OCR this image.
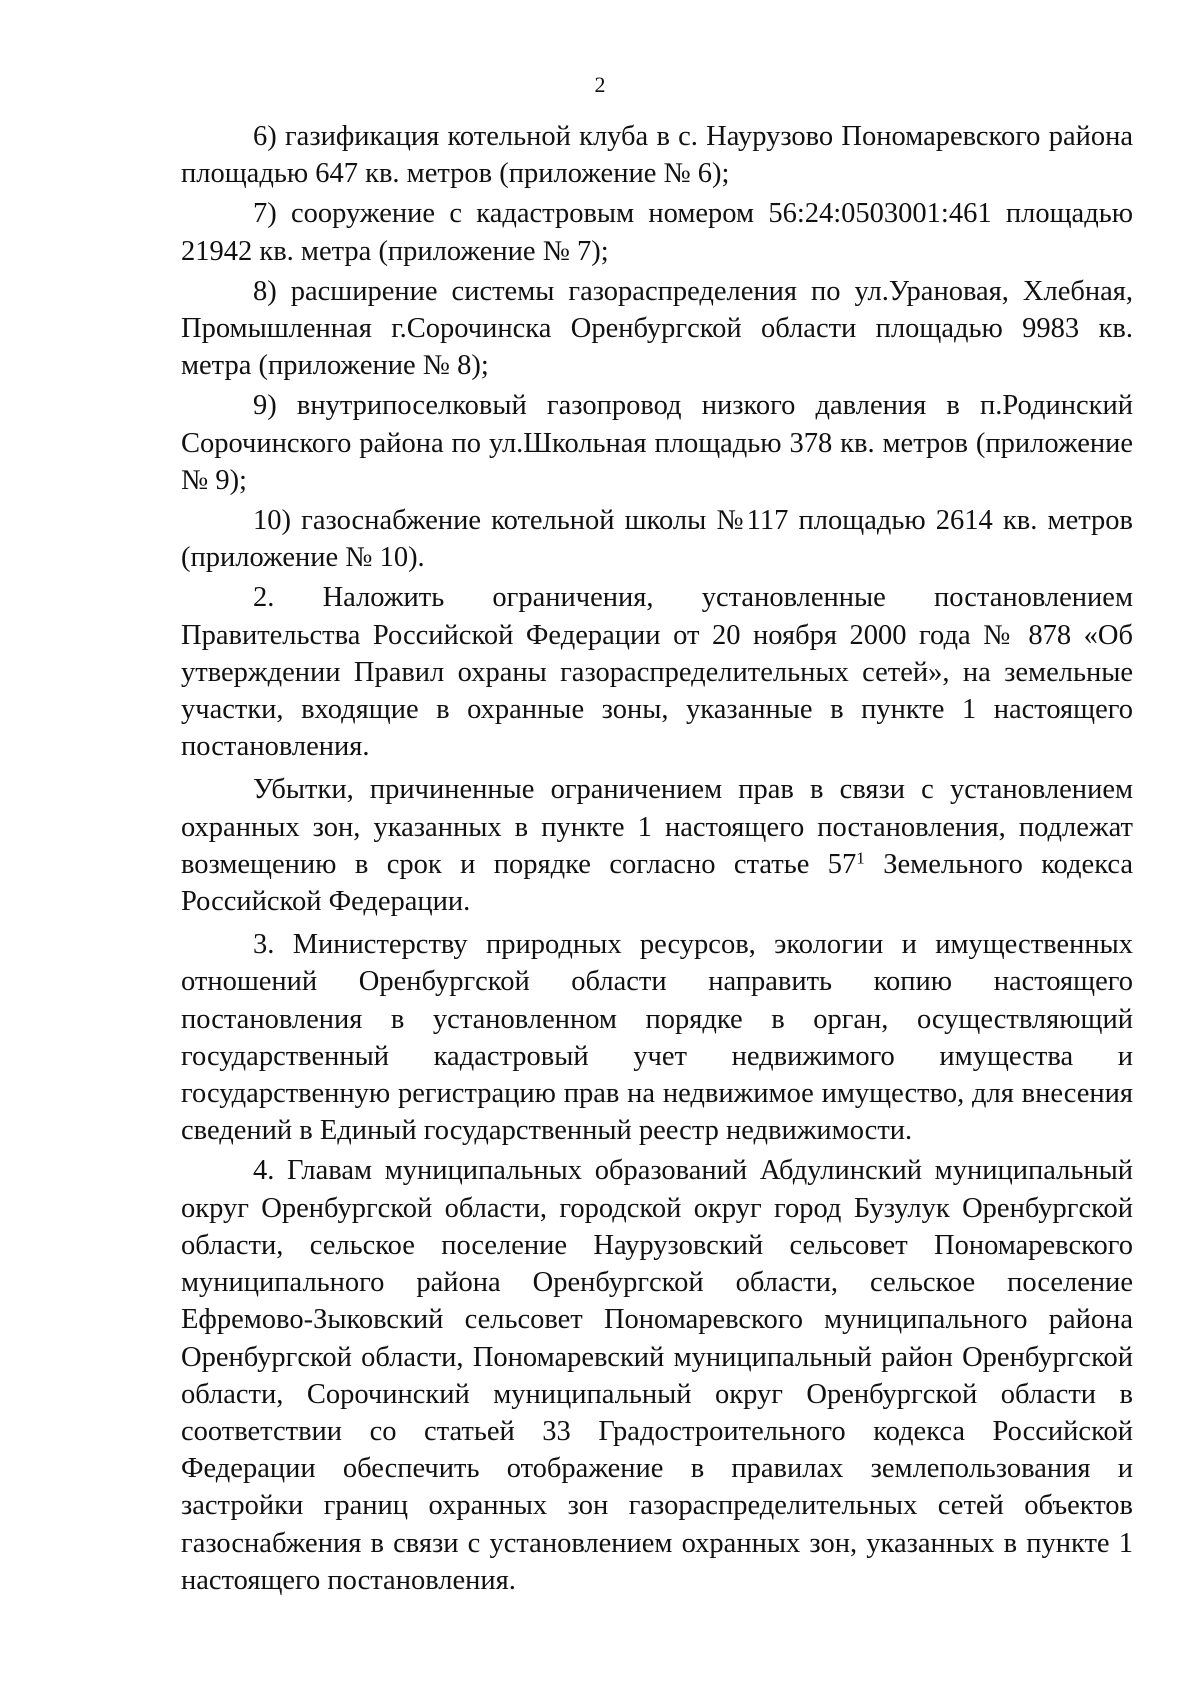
2

6) газификация котельной клуба в с. Наурузово Пономаревского района площадью 647 кв. метров (приложение № 6);

7) сооружение с кадастровым номером 56:24:0503001:461 площадью 21942 кв. метра (приложение № 7);

8) расширение системы газораспределения по ул.Урановая, Хлебная, Промышленная г.Сорочинска Оренбургской области площадью 9983 кв. метра (приложение № 8);

9) внутрипоселковый газопровод низкого давления в п.Родинский Сорочинского района по ул.Школьная площадью 378 кв. метров (приложение № 9);

10) газоснабжение котельной школы №117 площадью 2614 кв. метров (приложение № 10).

2. Наложить ограничения, установленные постановлением Правительства Российской Федерации от 20 ноября 2000 года № 878 «Об утверждении Правил охраны газораспределительных сетей», на земельные участки, входящие в охранные зоны, указанные в пункте 1 настоящего постановления.

Убытки, причиненные ограничением прав в связи с установлением охранных зон, указанных в пункте 1 настоящего постановления, подлежат возмещению в срок и порядке согласно статье $57^1$ Земельного кодекса Российской Федерации.

3. Министерству природных ресурсов, экологии и имущественных отношений Оренбургской области направить копию настоящего постановления в установленном порядке в орган, осуществляющий государственный кадастровый учет недвижимого имущества и государственную регистрацию прав на недвижимое имущество, для внесения сведений в Единый государственный реестр недвижимости.

4. Главам муниципальных образований Абдулинский муниципальный округ Оренбургской области, городской округ город Бузулук Оренбургской области, сельское поселение Наурузовский сельсовет Пономаревского муниципального района Оренбургской области, сельское поселение Ефремово-Зыковский сельсовет Пономаревского муниципального района Оренбургской области, Пономаревский муниципальный район Оренбургской области, Сорочинский муниципальный округ Оренбургской области в соответствии со статьей 33 Градостроительного кодекса Российской Федерации обеспечить отображение в правилах землепользования и застройки границ охранных зон газораспределительных сетей объектов газоснабжения в связи с установлением охранных зон, указанных в пункте 1 настоящего постановления.
